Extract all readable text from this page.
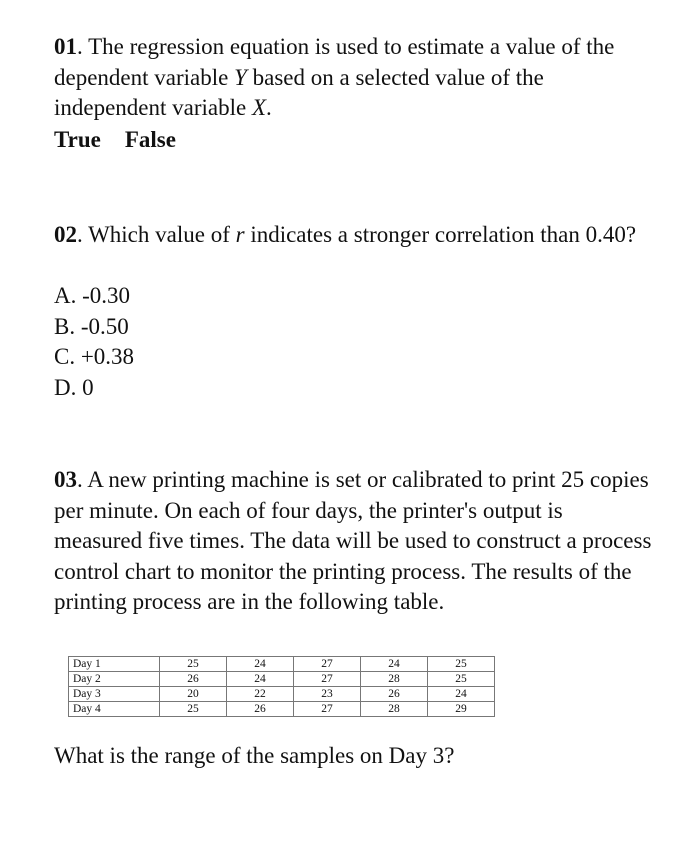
01. The regression equation is used to estimate a value of the dependent variable Y based on a selected value of the independent variable X.
True False
02. Which value of r indicates a stronger correlation than 0.40?
A. -0.30
B. -0.50
C. +0.38
D. 0
03. A new printing machine is set or calibrated to print 25 copies per minute. On each of four days, the printer's output is measured five times. The data will be used to construct a process control chart to monitor the printing process. The results of the printing process are in the following table.
Day 1	25	24	27	24	25
Day 2	26	24	27	28	25
Day 3	20	22	23	26	24
Day 4	25	26	27	28	29
What is the range of the samples on Day 3?
